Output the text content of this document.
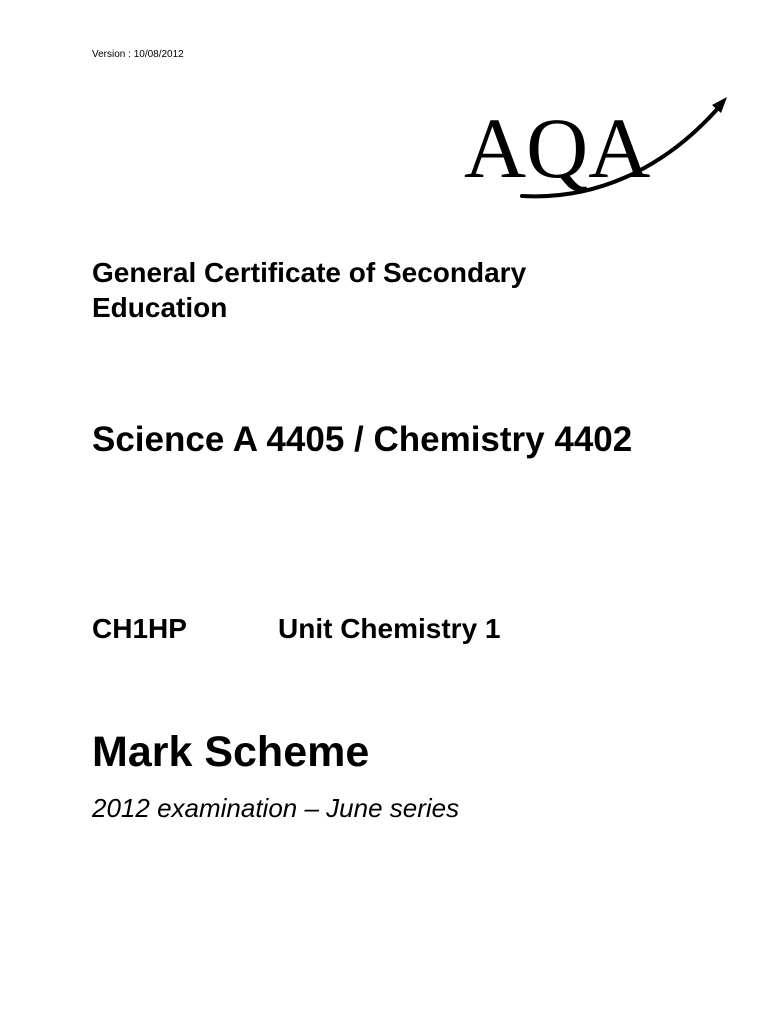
Version : 10/08/2012
AQA
General Certificate of Secondary Education
Science A 4405 / Chemistry 4402
CH1HP	Unit Chemistry 1
Mark Scheme
2012 examination – June series
